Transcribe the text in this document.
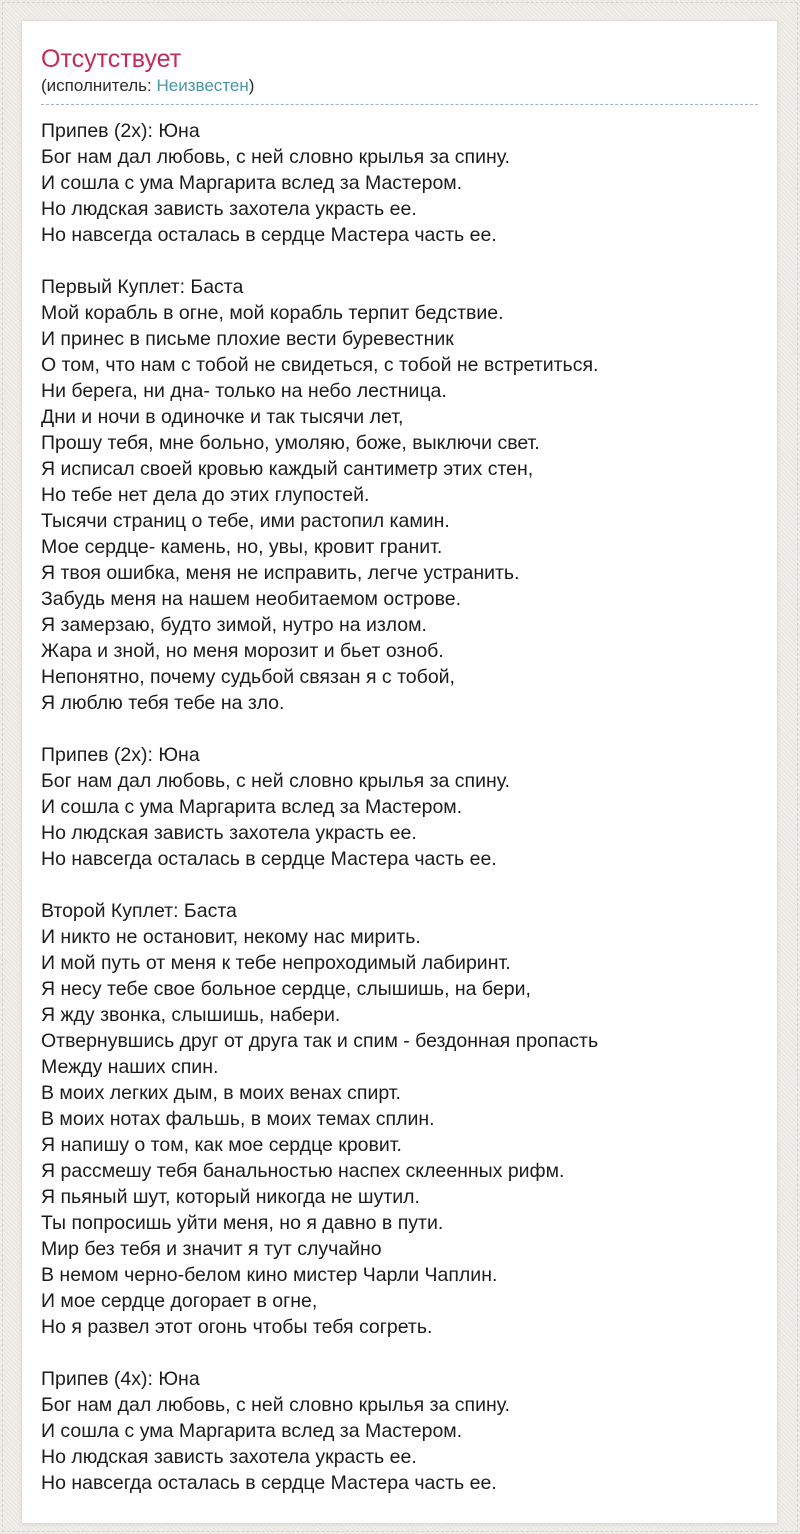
Отсутствует
(исполнитель: Неизвестен)
Припев (2x): Юна
Бог нам дал любовь, с ней словно крылья за спину.
И сошла с ума Маргарита вслед за Мастером.
Но людская зависть захотела украсть ее.
Но навсегда осталась в сердце Мастера часть ее.
Первый Куплет: Баста
Мой корабль в огне, мой корабль терпит бедствие.
И принес в письме плохие вести буревестник
О том, что нам с тобой не свидеться, с тобой не встретиться.
Ни берега, ни дна- только на небо лестница.
Дни и ночи в одиночке и так тысячи лет,
Прошу тебя, мне больно, умоляю, боже, выключи свет.
Я исписал своей кровью каждый сантиметр этих стен,
Но тебе нет дела до этих глупостей.
Тысячи страниц о тебе, ими растопил камин.
Мое сердце- камень, но, увы, кровит гранит.
Я твоя ошибка, меня не исправить, легче устранить.
Забудь меня на нашем необитаемом острове.
Я замерзаю, будто зимой, нутро на излом.
Жара и зной, но меня морозит и бьет озноб.
Непонятно, почему судьбой связан я с тобой,
Я люблю тебя тебе на зло.
Припев (2x): Юна
Бог нам дал любовь, с ней словно крылья за спину.
И сошла с ума Маргарита вслед за Мастером.
Но людская зависть захотела украсть ее.
Но навсегда осталась в сердце Мастера часть ее.
Второй Куплет: Баста
И никто не остановит, некому нас мирить.
И мой путь от меня к тебе непроходимый лабиринт.
Я несу тебе свое больное сердце, слышишь, на бери,
Я жду звонка, слышишь, набери.
Отвернувшись друг от друга так и спим - бездонная пропасть
Между наших спин.
В моих легких дым, в моих венах спирт.
В моих нотах фальшь, в моих темах сплин.
Я напишу о том, как мое сердце кровит.
Я рассмешу тебя банальностью наспех склеенных рифм.
Я пьяный шут, который никогда не шутил.
Ты попросишь уйти меня, но я давно в пути.
Мир без тебя и значит я тут случайно
В немом черно-белом кино мистер Чарли Чаплин.
И мое сердце догорает в огне,
Но я развел этот огонь чтобы тебя согреть.
Припев (4x): Юна
Бог нам дал любовь, с ней словно крылья за спину.
И сошла с ума Маргарита вслед за Мастером.
Но людская зависть захотела украсть ее.
Но навсегда осталась в сердце Мастера часть ее.
